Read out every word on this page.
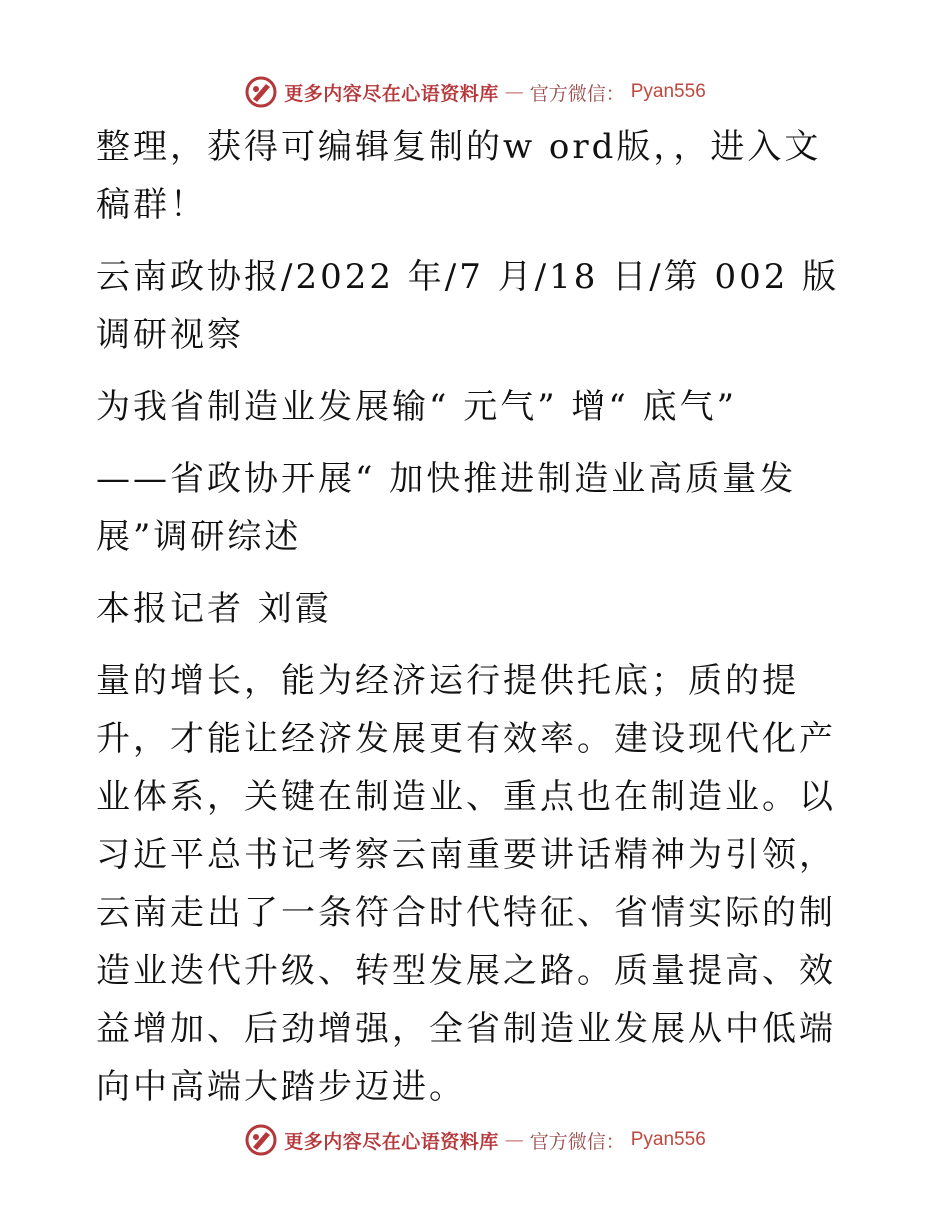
更多内容尽在心语资料库 — 官方微信： Pyan556

整理，获得可编辑复制的w ord版，，进入文稿群！

云南政协报/2022 年/7 月/18 日/第 002 版调研视察

为我省制造业发展输“ 元气” 增“ 底气”

——省政协开展“ 加快推进制造业高质量发展”调研综述

本报记者 刘霞

量的增长，能为经济运行提供托底；质的提升，才能让经济发展更有效率。建设现代化产业体系，关键在制造业、重点也在制造业。以习近平总书记考察云南重要讲话精神为引领，云南走出了一条符合时代特征、省情实际的制造业迭代升级、转型发展之路。质量提高、效益增加、后劲增强，全省制造业发展从中低端向中高端大踏步迈进。

更多内容尽在心语资料库 — 官方微信： Pyan556
